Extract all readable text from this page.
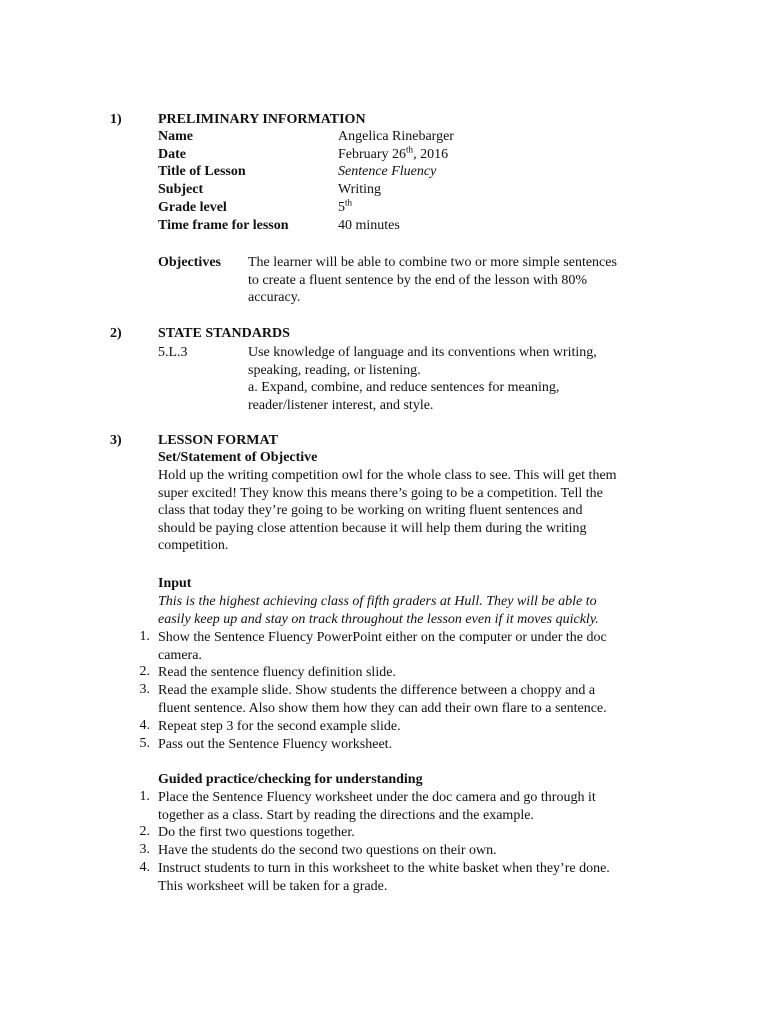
1)	PRELIMINARY INFORMATION
Name	Angelica Rinebarger
Date	February 26th, 2016
Title of Lesson	Sentence Fluency
Subject	Writing
Grade level	5th
Time frame for lesson	40 minutes
Objectives The learner will be able to combine two or more simple sentences
to create a fluent sentence by the end of the lesson with 80%
accuracy.
2)	STATE STANDARDS
5.L.3	Use knowledge of language and its conventions when writing,
speaking, reading, or listening.
a. Expand, combine, and reduce sentences for meaning,
reader/listener interest, and style.
3)	LESSON FORMAT
Set/Statement of Objective
Hold up the writing competition owl for the whole class to see. This will get them
super excited! They know this means there’s going to be a competition. Tell the
class that today they’re going to be working on writing fluent sentences and
should be paying close attention because it will help them during the writing
competition.
Input
This is the highest achieving class of fifth graders at Hull. They will be able to
easily keep up and stay on track throughout the lesson even if it moves quickly.
1. Show the Sentence Fluency PowerPoint either on the computer or under the doc
camera.
2. Read the sentence fluency definition slide.
3. Read the example slide. Show students the difference between a choppy and a
fluent sentence. Also show them how they can add their own flare to a sentence.
4. Repeat step 3 for the second example slide.
5. Pass out the Sentence Fluency worksheet.
Guided practice/checking for understanding
1. Place the Sentence Fluency worksheet under the doc camera and go through it
together as a class. Start by reading the directions and the example.
2. Do the first two questions together.
3. Have the students do the second two questions on their own.
4. Instruct students to turn in this worksheet to the white basket when they’re done.
This worksheet will be taken for a grade.
